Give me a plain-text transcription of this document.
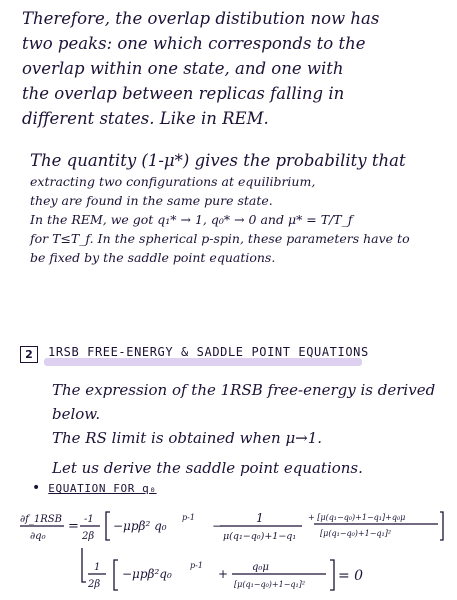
Therefore, the overlap distibution now has
two peaks: one which corresponds to the
overlap within one state, and one with
the overlap between replicas falling in
different states. Like in REM.
The quantity (1-μ*) gives the probability that
extracting two configurations at equilibrium,
they are found in the same pure state.
In the REM, we got q₁* → 1, q₀* → 0 and μ* = T/T_f
for T≤T_f. In the spherical p-spin, these parameters have to
be fixed by the saddle point equations.
2	1RSB FREE-ENERGY & SADDLE POINT EQUATIONS
The expression of the 1RSB free-energy is derived below.
The RS limit is obtained when μ→1.
Let us derive the saddle point equations.
• EQUATION FOR q₀
∂f_1RSB
∂q₀
= -1
2β
−μpβ² q₀
p-1
−
1
μ(q₁−q₀)+1−q₁
+ [μ(q₁−q₀)+1−q₁]+q₀μ
[μ(q₁−q₀)+1−q₁]²
1
2β
−μpβ²q₀
p-1
+ q₀μ
[μ(q₁−q₀)+1−q₁]²
= 0
